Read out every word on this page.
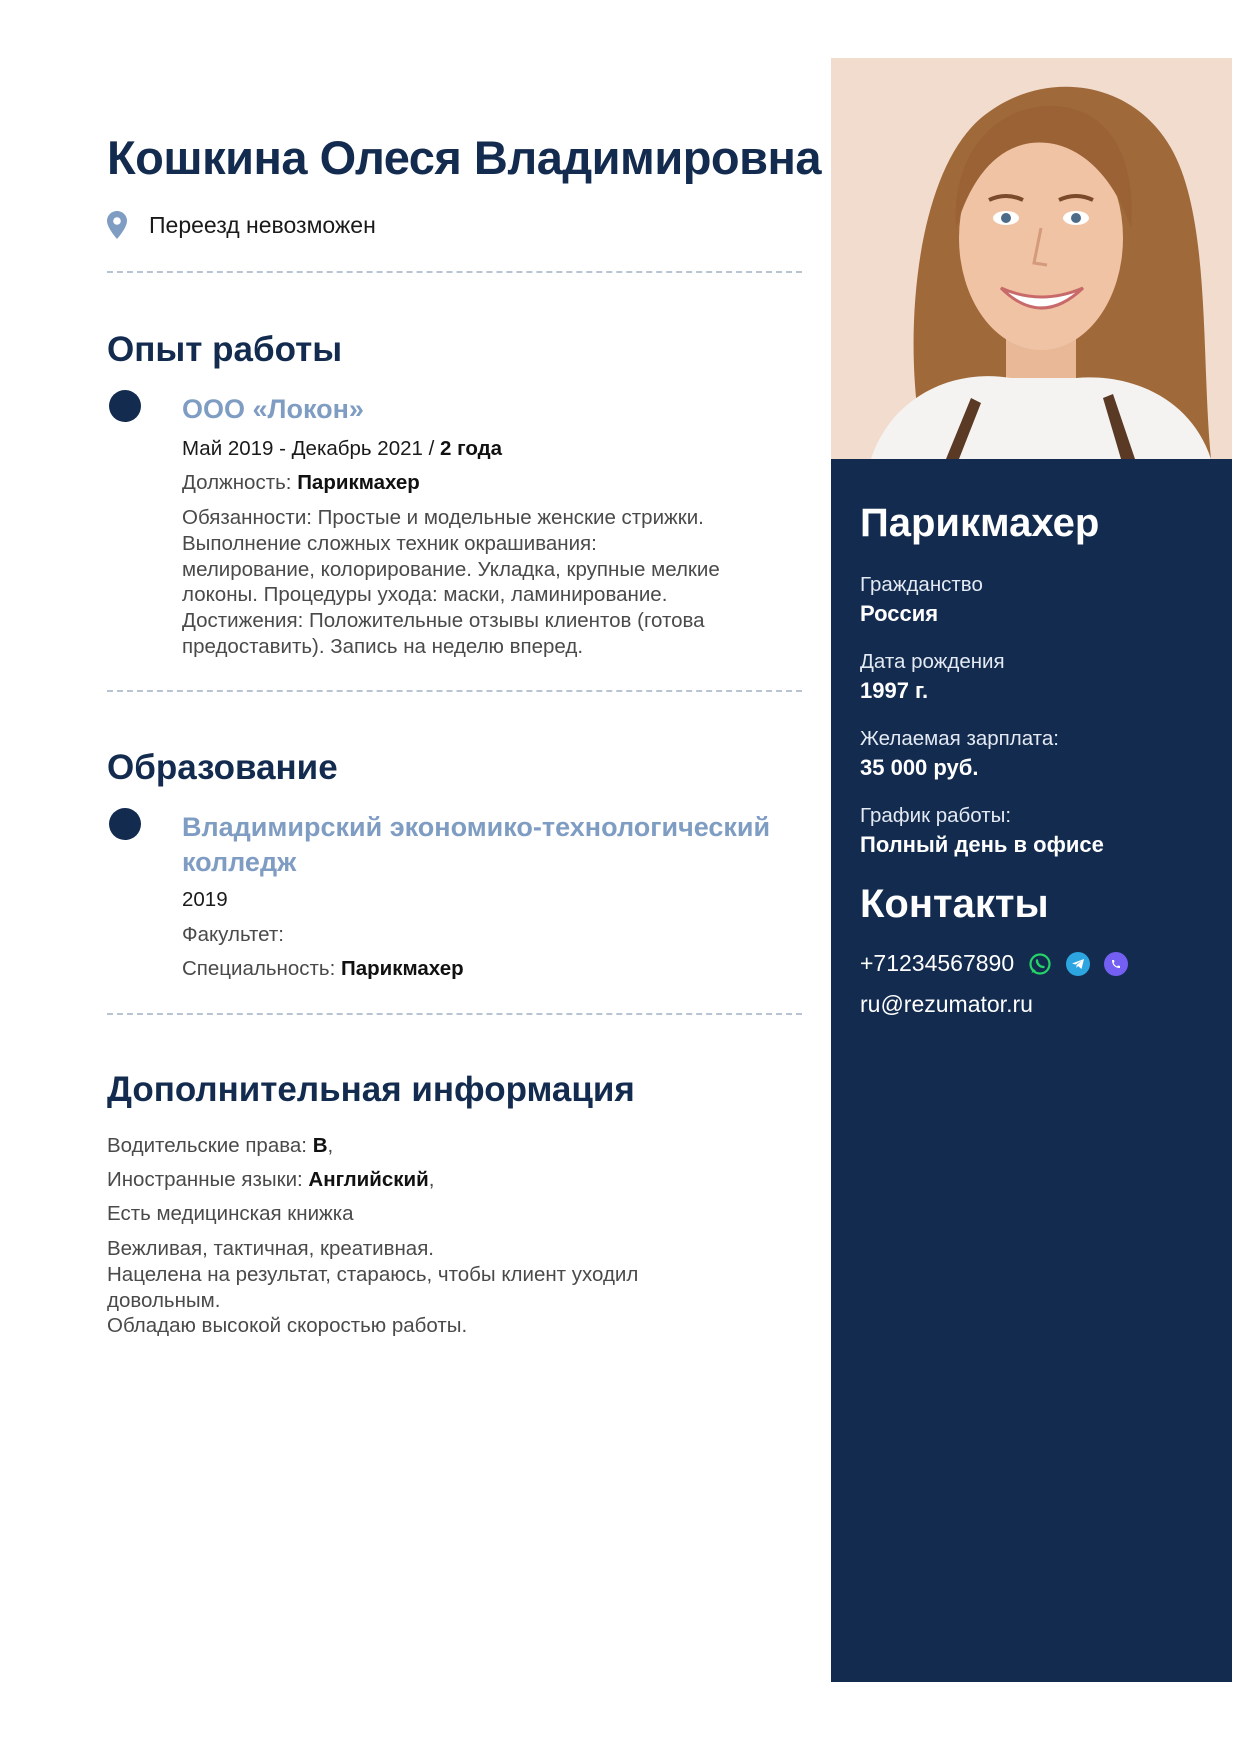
Кошкина Олеся Владимировна
Переезд невозможен
Опыт работы
ООО «Локон»
Май 2019 - Декабрь 2021 / 2 года
Должность: Парикмахер
Обязанности: Простые и модельные женские стрижки.
Выполнение сложных техник окрашивания:
мелирование, колорирование. Укладка, крупные мелкие
локоны. Процедуры ухода: маски, ламинирование.
Достижения: Положительные отзывы клиентов (готова
предоставить). Запись на неделю вперед.
Образование
Владимирский экономико-технологический колледж
2019
Факультет:
Специальность: Парикмахер
Дополнительная информация
Водительские права: B,
Иностранные языки: Английский,
Есть медицинская книжка
Вежливая, тактичная, креативная.
Нацелена на результат, стараюсь, чтобы клиент уходил
довольным.
Обладаю высокой скоростью работы.
Парикмахер
Гражданство
Россия
Дата рождения
1997 г.
Желаемая зарплата:
35 000 руб.
График работы:
Полный день в офисе
Контакты
+71234567890
ru@rezumator.ru
